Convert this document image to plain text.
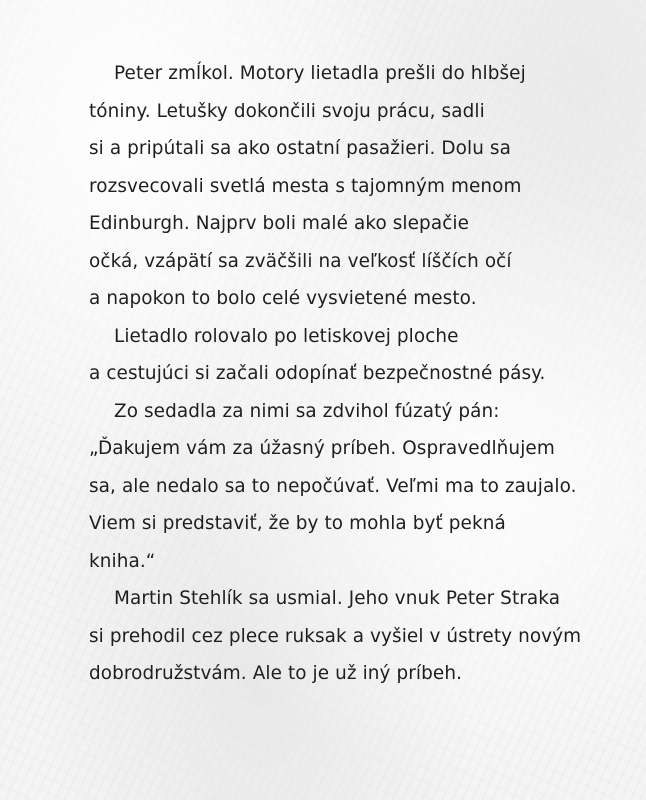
Peter zmĺkol. Motory lietadla prešli do hlbšej
tóniny. Letušky dokončili svoju prácu, sadli
si a pripútali sa ako ostatní pasažieri. Dolu sa
rozsvecovali svetlá mesta s tajomným menom
Edinburgh. Najprv boli malé ako slepačie
očká, vzápätí sa zväčšili na veľkosť líščích očí
a napokon to bolo celé vysvietené mesto.
Lietadlo rolovalo po letiskovej ploche
a cestujúci si začali odopínať bezpečnostné pásy.
Zo sedadla za nimi sa zdvihol fúzatý pán:
„Ďakujem vám za úžasný príbeh. Ospravedlňujem
sa, ale nedalo sa to nepočúvať. Veľmi ma to zaujalo.
Viem si predstaviť, že by to mohla byť pekná
kniha.“
Martin Stehlík sa usmial. Jeho vnuk Peter Straka
si prehodil cez plece ruksak a vyšiel v ústrety novým
dobrodružstvám. Ale to je už iný príbeh.
